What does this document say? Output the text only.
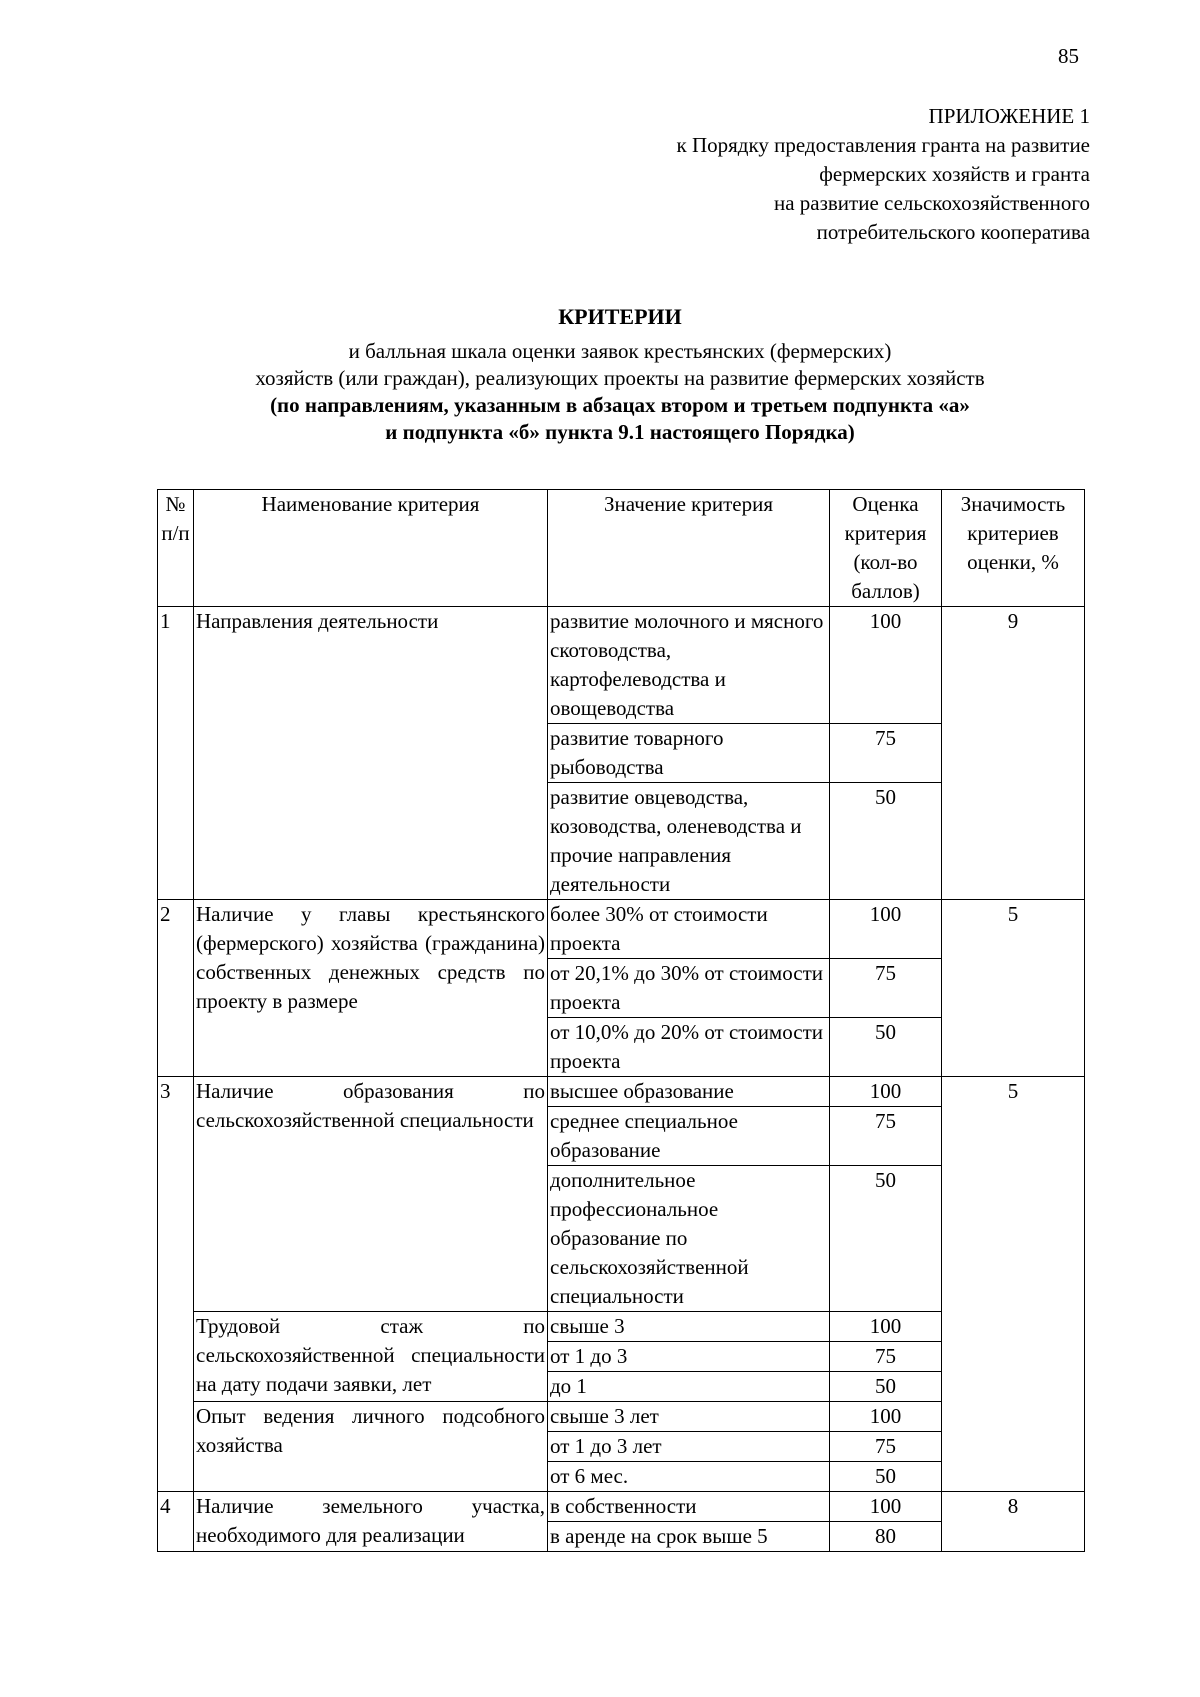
85
ПРИЛОЖЕНИЕ 1
к Порядку предоставления гранта на развитие
фермерских хозяйств и гранта
на развитие сельскохозяйственного
потребительского кооператива
КРИТЕРИИ
и балльная шкала оценки заявок крестьянских (фермерских)
хозяйств (или граждан), реализующих проекты на развитие фермерских хозяйств
(по направлениям, указанным в абзацах втором и третьем подпункта «а»
и подпункта «б» пункта 9.1 настоящего Порядка)
№ п/п	Наименование критерия	Значение критерия	Оценка критерия (кол-во баллов)	Значимость критериев оценки, %
1	Направления деятельности	развитие молочного и мясного скотоводства, картофелеводства и овощеводства	100	9
		развитие товарного рыбоводства	75	
		развитие овцеводства, козоводства, оленеводства и прочие направления деятельности	50	
2	Наличие у главы крестьянского (фермерского) хозяйства (гражданина) собственных денежных средств по проекту в размере	более 30% от стоимости проекта	100	5
		от 20,1% до 30% от стоимости проекта	75	
		от 10,0% до 20% от стоимости проекта	50	
3	Наличие образования по сельскохозяйственной специальности	высшее образование	100	5
		среднее специальное образование	75	
		дополнительное профессиональное образование по сельскохозяйственной специальности	50	
	Трудовой стаж по сельскохозяйственной специальности на дату подачи заявки, лет	свыше 3	100	
		от 1 до 3	75	
		до 1	50	
	Опыт ведения личного подсобного хозяйства	свыше 3 лет	100	
		от 1 до 3 лет	75	
		от 6 мес.	50	
4	Наличие земельного участка, необходимого для реализации	в собственности	100	8
		в аренде на срок выше 5	80	
